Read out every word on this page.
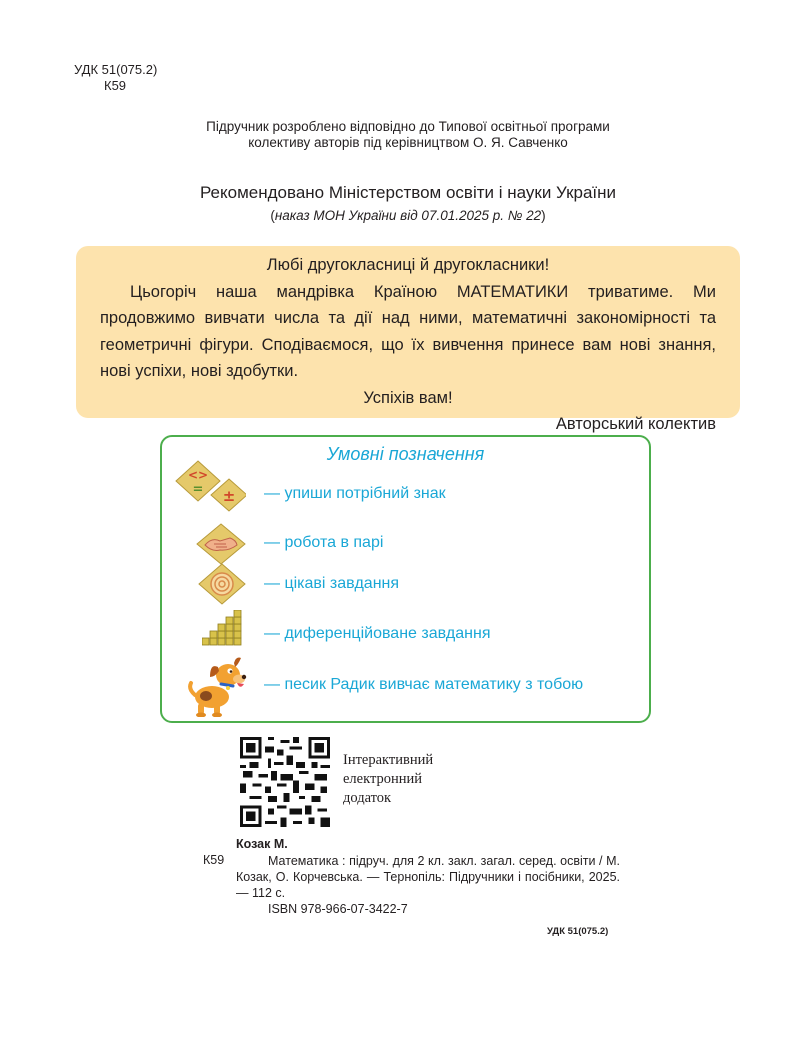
УДК 51(075.2)
К59
Підручник розроблено відповідно до Типової освітньої програми
колективу авторів під керівництвом О. Я. Савченко
Рекомендовано Міністерством освіти і науки України
(наказ МОН України від 07.01.2025 р. № 22)
Любі другокласниці й другокласники!
Цьогоріч наша мандрівка Країною МАТЕМАТИКИ триватиме. Ми продовжимо вивчати числа та дії над ними, математичні закономірності та геометричні фігури. Сподіваємося, що їх вивчення принесе вам нові знання, нові успіхи, нові здобутки.
Успіхів вам!
Авторський колектив
Умовні позначення
<>
= ± — упиши потрібний знак
— робота в парі
— цікаві завдання
— диференційоване завдання
— песик Радик вивчає математику з тобою
Інтерактивний
електронний
додаток
Козак М.
К59	Математика : підруч. для 2 кл. закл. загал. серед. освіти / М. Козак, О. Корчевська. — Тернопіль: Підручники і посібники, 2025. — 112 с.
ISBN 978-966-07-3422-7
УДК 51(075.2)
